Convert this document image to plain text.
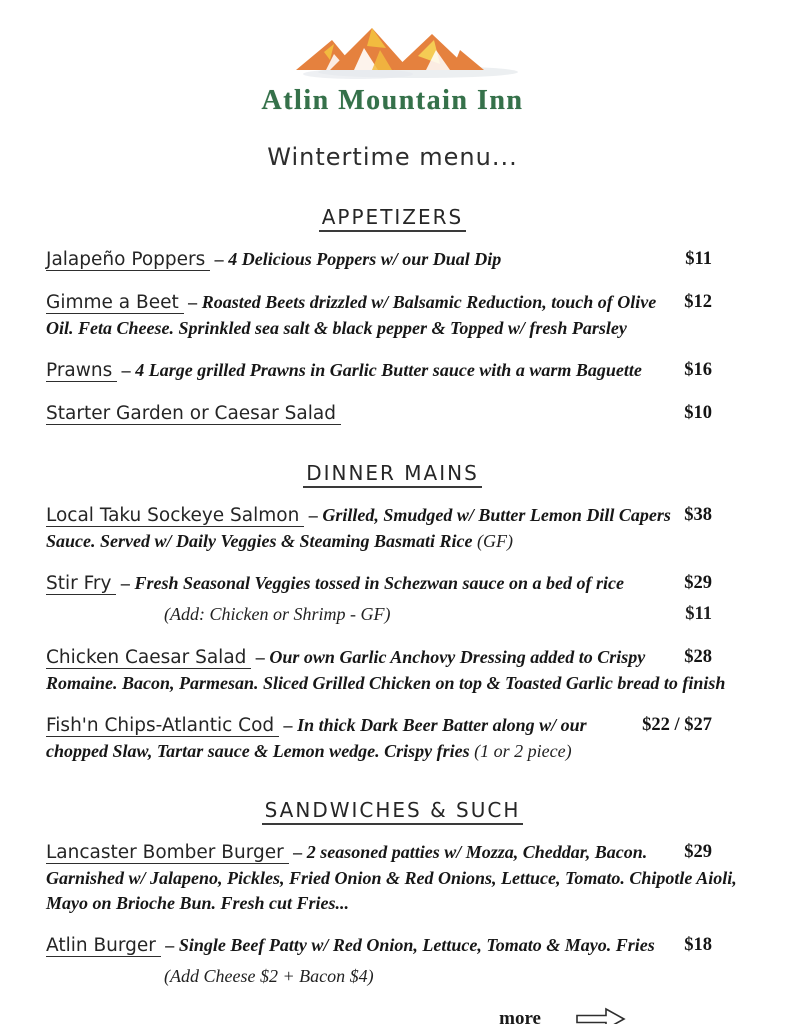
Atlin Mountain Inn
Wintertime menu...
APPETIZERS
$11
Jalapeño Poppers – 4 Delicious Poppers w/ our Dual Dip
$12
Gimme a Beet – Roasted Beets drizzled w/ Balsamic Reduction, touch of Olive Oil. Feta Cheese. Sprinkled sea salt & black pepper & Topped w/ fresh Parsley
$16
Prawns – 4 Large grilled Prawns in Garlic Butter sauce with a warm Baguette
$10
Starter Garden or Caesar Salad
DINNER MAINS
$38
Local Taku Sockeye Salmon – Grilled, Smudged w/ Butter Lemon Dill Capers Sauce. Served w/ Daily Veggies & Steaming Basmati Rice (GF)
$29
Stir Fry – Fresh Seasonal Veggies tossed in Schezwan sauce on a bed of rice
(Add: Chicken or Shrimp - GF)	$11
$28
Chicken Caesar Salad – Our own Garlic Anchovy Dressing added to Crispy Romaine. Bacon, Parmesan. Sliced Grilled Chicken on top & Toasted Garlic bread to finish
$22 / $27
Fish'n Chips-Atlantic Cod – In thick Dark Beer Batter along w/ our chopped Slaw, Tartar sauce & Lemon wedge. Crispy fries (1 or 2 piece)
SANDWICHES & SUCH
$29
Lancaster Bomber Burger – 2 seasoned patties w/ Mozza, Cheddar, Bacon. Garnished w/ Jalapeno, Pickles, Fried Onion & Red Onions, Lettuce, Tomato. Chipotle Aioli, Mayo on Brioche Bun. Fresh cut Fries...
$18
Atlin Burger – Single Beef Patty w/ Red Onion, Lettuce, Tomato & Mayo. Fries
(Add Cheese $2 + Bacon $4)
more
